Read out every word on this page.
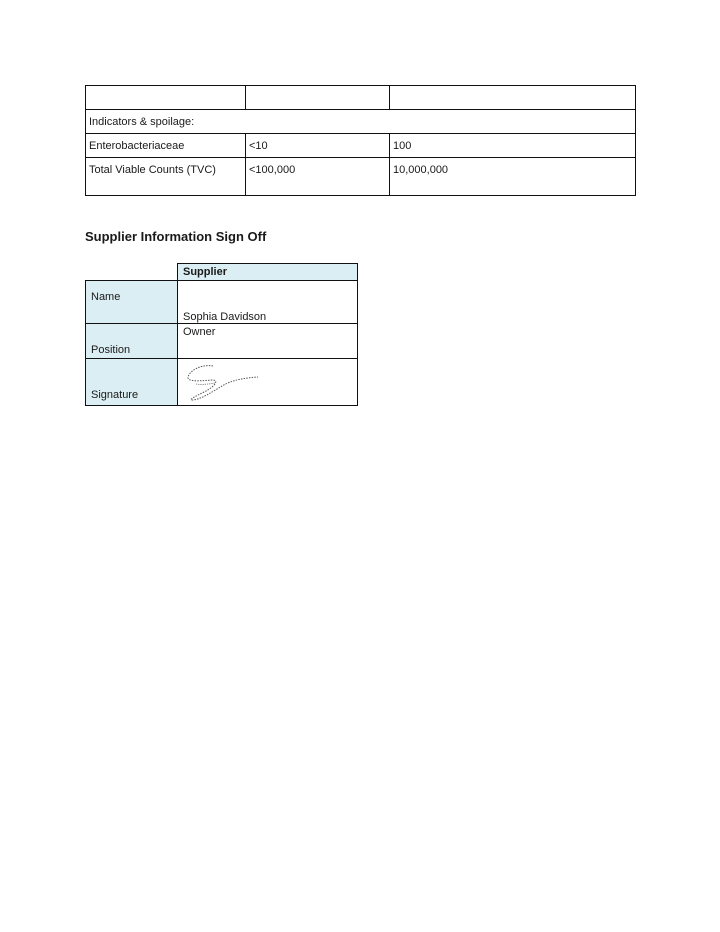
Indicators & spoilage:		
Enterobacteriaceae	<10	100
Total Viable Counts (TVC)	<100,000	10,000,000
Supplier Information Sign Off
	Supplier
Name	Sophia Davidson
Position	Owner
Signature	
